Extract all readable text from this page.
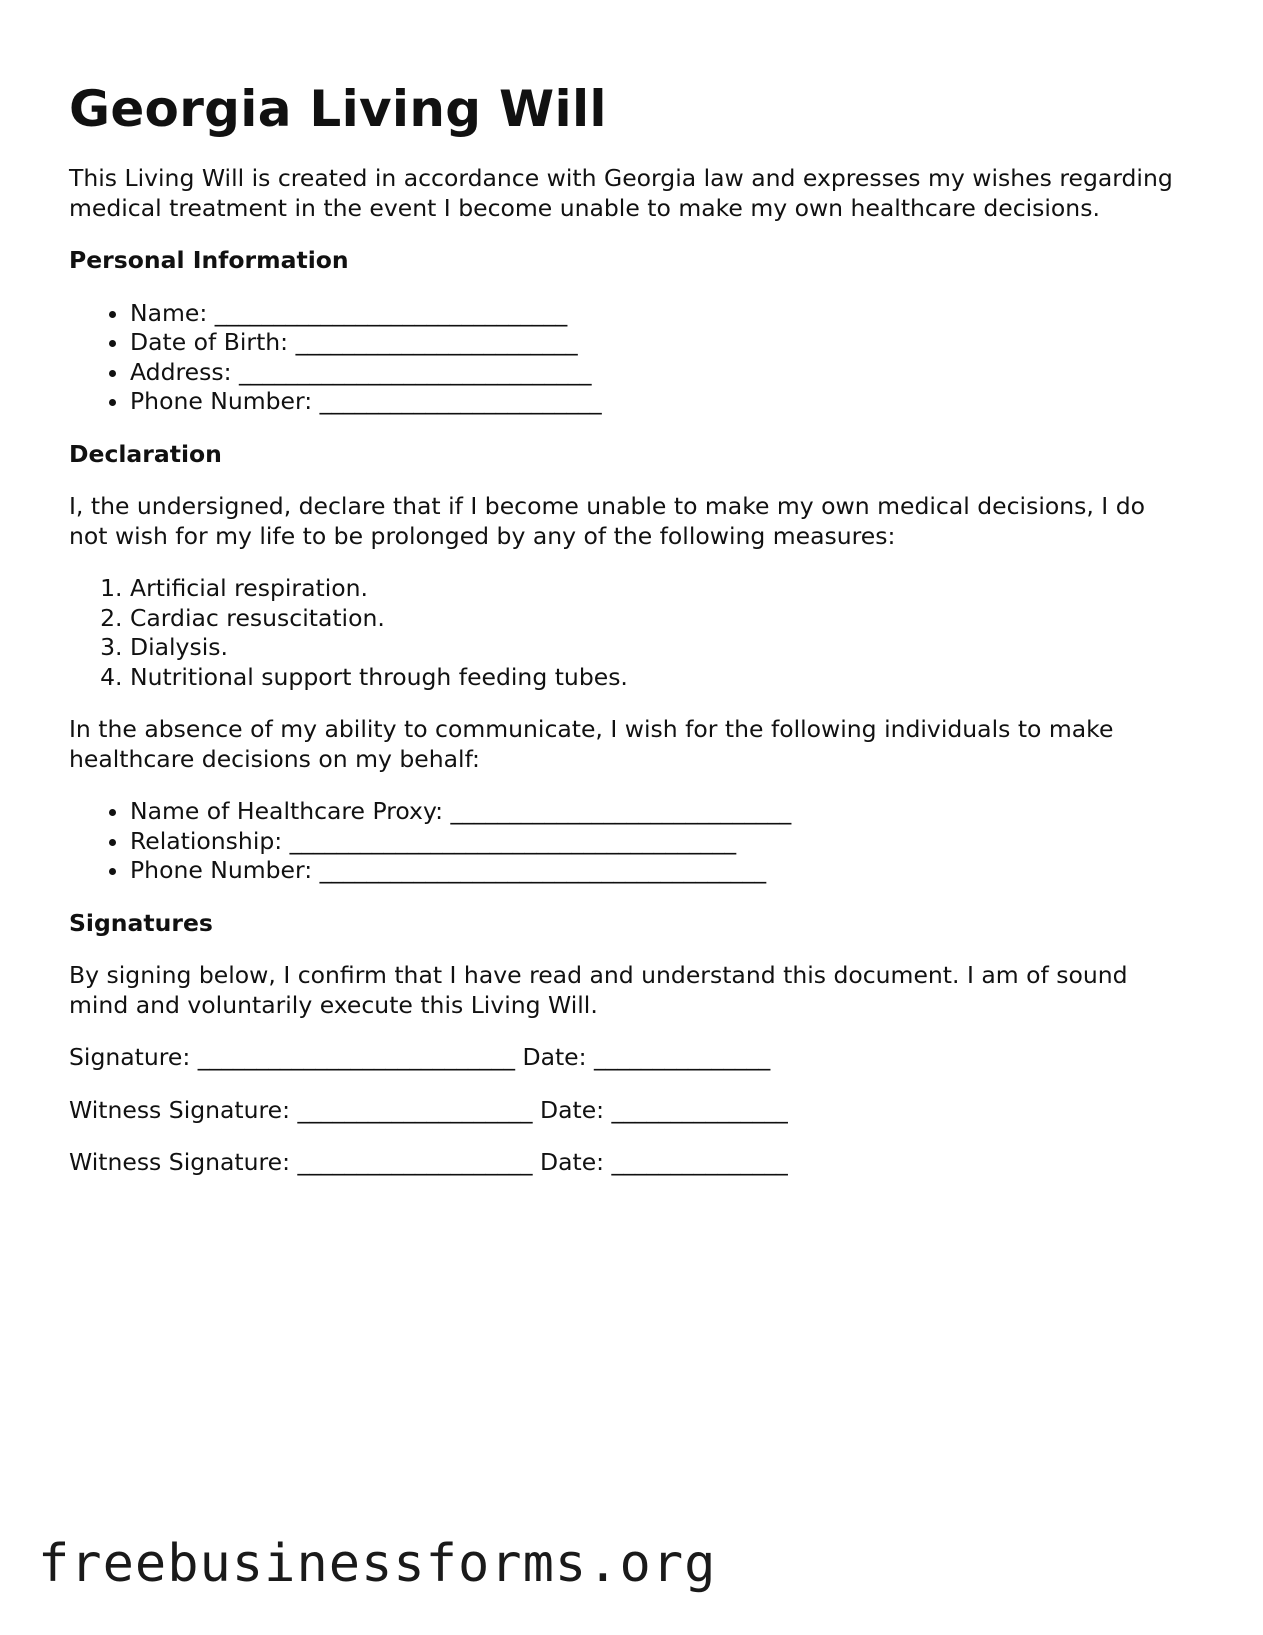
Georgia Living Will

This Living Will is created in accordance with Georgia law and expresses my wishes regarding medical treatment in the event I become unable to make my own healthcare decisions.

Personal Information
• Name: ______________________________
• Date of Birth: ________________________
• Address: ______________________________
• Phone Number: ________________________
Declaration

I, the undersigned, declare that if I become unable to make my own medical decisions, I do not wish for my life to be prolonged by any of the following measures:

1. Artificial respiration.
2. Cardiac resuscitation.
3. Dialysis.
4. Nutritional support through feeding tubes.

In the absence of my ability to communicate, I wish for the following individuals to make healthcare decisions on my behalf:

• Name of Healthcare Proxy: _____________________________
• Relationship: ______________________________________
• Phone Number: ______________________________________
Signatures

By signing below, I confirm that I have read and understand this document. I am of sound mind and voluntarily execute this Living Will.

Signature: ___________________________ Date: _______________

Witness Signature: ____________________ Date: _______________

Witness Signature: ____________________ Date: _______________

freebusinessforms.org
